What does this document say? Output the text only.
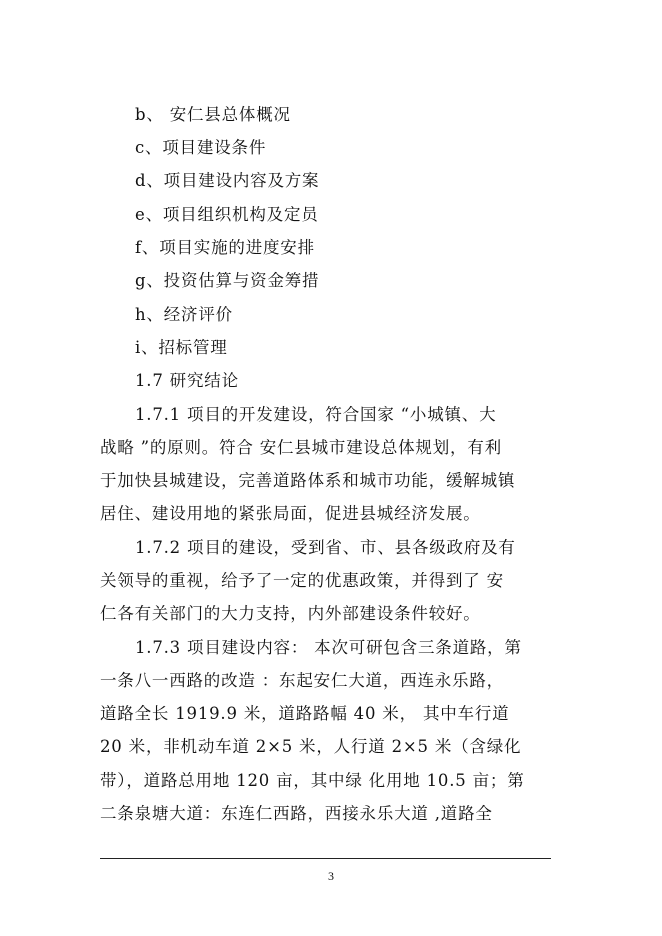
b、 安仁县总体概况
c、项目建设条件
d、项目建设内容及方案
e、项目组织机构及定员
f、项目实施的进度安排
g、投资估算与资金筹措
h、经济评价
i、招标管理
1.7 研究结论
1.7.1 项目的开发建设，符合国家 “小城镇、大
战略 ”的原则。符合 安仁县城市建设总体规划，有利
于加快县城建设，完善道路体系和城市功能，缓解城镇
居住、建设用地的紧张局面，促进县城经济发展。
1.7.2 项目的建设，受到省、市、县各级政府及有
关领导的重视，给予了一定的优惠政策，并得到了 安
仁各有关部门的大力支持，内外部建设条件较好。
1.7.3 项目建设内容： 本次可研包含三条道路，第
一条八一西路的改造 ：东起安仁大道，西连永乐路，
道路全长 1919.9 米，道路路幅 40 米， 其中车行道
20 米，非机动车道 2×5 米，人行道 2×5 米（含绿化
带），道路总用地 120 亩，其中绿 化用地 10.5 亩；第
二条泉塘大道：东连仁西路，西接永乐大道 ,道路全
3
